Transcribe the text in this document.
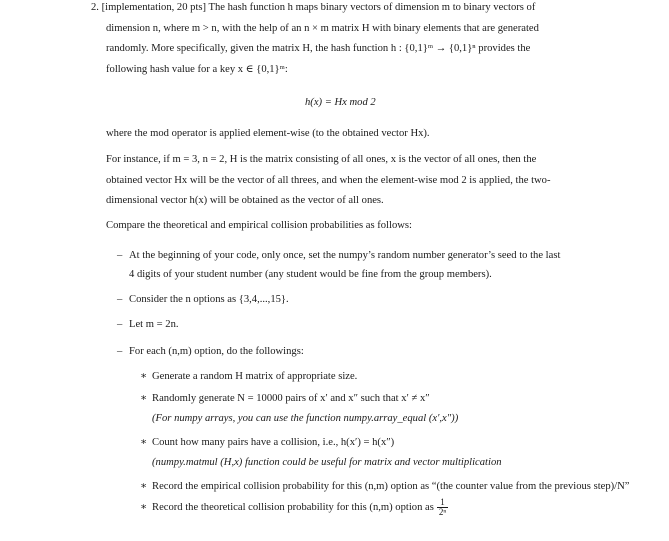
2. [implementation, 20 pts] The hash function h maps binary vectors of dimension m to binary vectors of
dimension n, where m > n, with the help of an n × m matrix H with binary elements that are generated
randomly. More specifically, given the matrix H, the hash function h : {0,1}ᵐ → {0,1}ⁿ provides the
following hash value for a key x ∈ {0,1}ᵐ:
h(x) = Hx mod 2
where the mod operator is applied element-wise (to the obtained vector Hx).
For instance, if m = 3, n = 2, H is the matrix consisting of all ones, x is the vector of all ones, then the
obtained vector Hx will be the vector of all threes, and when the element-wise mod 2 is applied, the two-
dimensional vector h(x) will be obtained as the vector of all ones.
Compare the theoretical and empirical collision probabilities as follows:
– At the beginning of your code, only once, set the numpy’s random number generator’s seed to the last
4 digits of your student number (any student would be fine from the group members).
– Consider the n options as {3,4,...,15}.
– Let m = 2n.
– For each (n,m) option, do the followings:
∗ Generate a random H matrix of appropriate size.
∗ Randomly generate N = 10000 pairs of x′ and x″ such that x′ ≠ x″
(For numpy arrays, you can use the function numpy.array_equal (x′,x″))
∗ Count how many pairs have a collision, i.e., h(x′) = h(x″)
(numpy.matmul (H,x) function could be useful for matrix and vector multiplication
∗ Record the empirical collision probability for this (n,m) option as “(the counter value from the previous step)/N”
∗ Record the theoretical collision probability for this (n,m) option as $\frac{1}{\text{2ⁿ}}$
